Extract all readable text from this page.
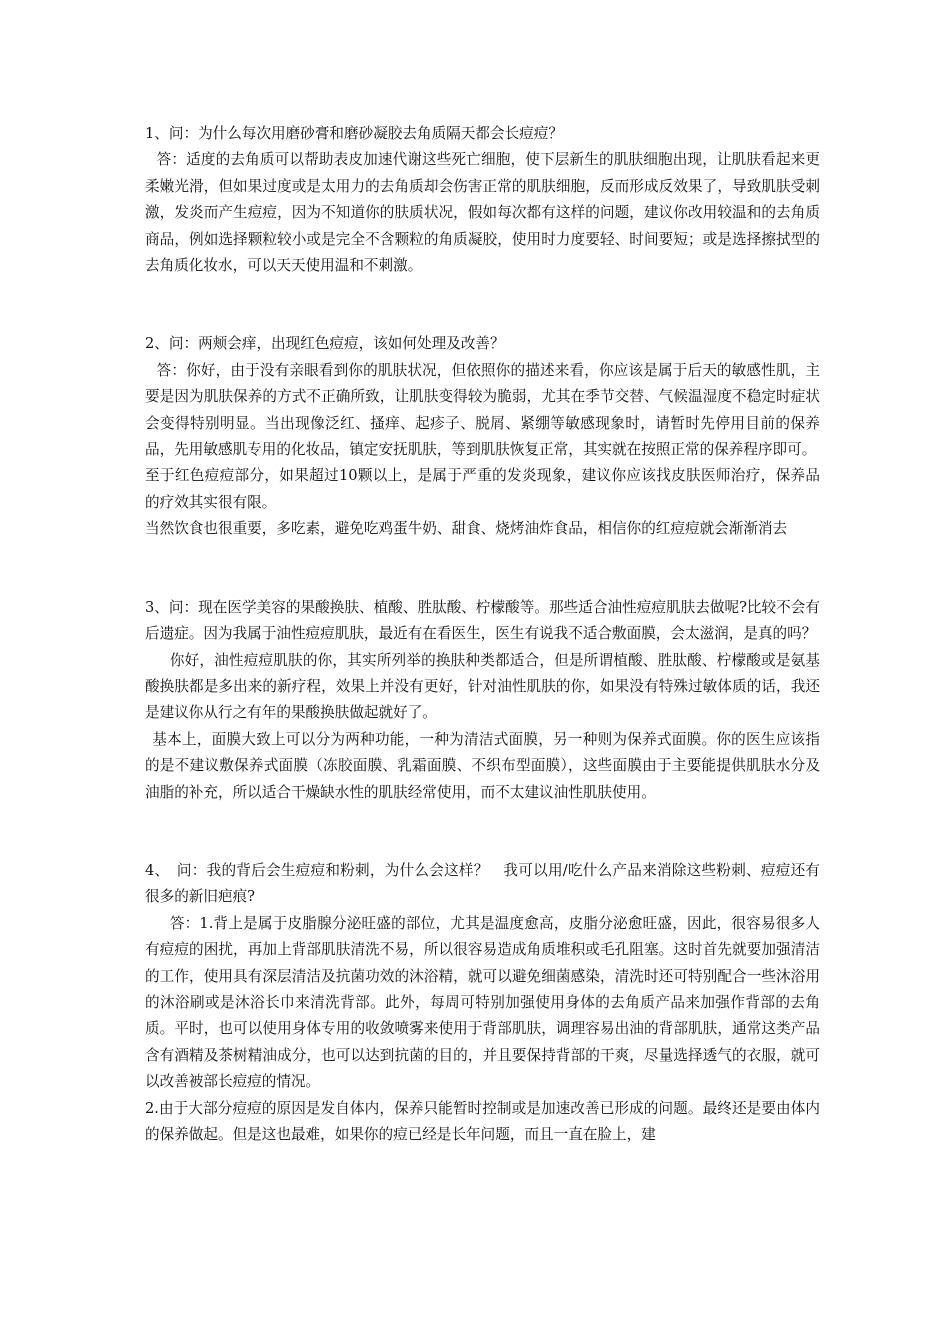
1、问：为什么每次用磨砂膏和磨砂凝胶去角质隔天都会长痘痘？

答：适度的去角质可以帮助表皮加速代谢这些死亡细胞，使下层新生的肌肤细胞出现，让肌肤看起来更柔嫩光滑，但如果过度或是太用力的去角质却会伤害正常的肌肤细胞，反而形成反效果了，导致肌肤受刺激，发炎而产生痘痘，因为不知道你的肤质状况，假如每次都有这样的问题，建议你改用较温和的去角质商品，例如选择颗粒较小或是完全不含颗粒的角质凝胶，使用时力度要轻、时间要短；或是选择擦拭型的去角质化妆水，可以天天使用温和不刺激。

2、问：两颊会痒，出现红色痘痘，该如何处理及改善？

答：你好，由于没有亲眼看到你的肌肤状况，但依照你的描述来看，你应该是属于后天的敏感性肌，主要是因为肌肤保养的方式不正确所致，让肌肤变得较为脆弱，尤其在季节交替、气候温湿度不稳定时症状会变得特别明显。当出现像泛红、搔痒、起疹子、脱屑、紧绷等敏感现象时，请暂时先停用目前的保养品，先用敏感肌专用的化妆品，镇定安抚肌肤，等到肌肤恢复正常，其实就在按照正常的保养程序即可。

至于红色痘痘部分，如果超过10颗以上，是属于严重的发炎现象，建议你应该找皮肤医师治疗，保养品的疗效其实很有限。

当然饮食也很重要，多吃素，避免吃鸡蛋牛奶、甜食、烧烤油炸食品，相信你的红痘痘就会渐渐消去

3、问：现在医学美容的果酸换肤、植酸、胜肽酸、柠檬酸等。那些适合油性痘痘肌肤去做呢?比较不会有后遗症。因为我属于油性痘痘肌肤，最近有在看医生，医生有说我不适合敷面膜，会太滋润，是真的吗？

你好，油性痘痘肌肤的你，其实所列举的换肤种类都适合，但是所谓植酸、胜肽酸、柠檬酸或是氨基酸换肤都是多出来的新疗程，效果上并没有更好，针对油性肌肤的你，如果没有特殊过敏体质的话，我还是建议你从行之有年的果酸换肤做起就好了。

基本上，面膜大致上可以分为两种功能，一种为清洁式面膜，另一种则为保养式面膜。你的医生应该指的是不建议敷保养式面膜（冻胶面膜、乳霜面膜、不织布型面膜），这些面膜由于主要能提供肌肤水分及油脂的补充，所以适合干燥缺水性的肌肤经常使用，而不太建议油性肌肤使用。

4、　问：我的背后会生痘痘和粉刺，为什么会这样？　我可以用/吃什么产品来消除这些粉刺、痘痘还有很多的新旧疤痕?

答：1.背上是属于皮脂腺分泌旺盛的部位，尤其是温度愈高，皮脂分泌愈旺盛，因此，很容易很多人有痘痘的困扰，再加上背部肌肤清洗不易，所以很容易造成角质堆积或毛孔阻塞。这时首先就要加强清洁的工作，使用具有深层清洁及抗菌功效的沐浴精，就可以避免细菌感染，清洗时还可特别配合一些沐浴用的沐浴刷或是沐浴长巾来清洗背部。此外，每周可特别加强使用身体的去角质产品来加强作背部的去角质。平时，也可以使用身体专用的收敛喷雾来使用于背部肌肤，调理容易出油的背部肌肤，通常这类产品含有酒精及茶树精油成分，也可以达到抗菌的目的，并且要保持背部的干爽，尽量选择透气的衣服，就可以改善被部长痘痘的情况。

2.由于大部分痘痘的原因是发自体内，保养只能暂时控制或是加速改善已形成的问题。最终还是要由体内的保养做起。但是这也最难，如果你的痘已经是长年问题，而且一直在脸上，建
